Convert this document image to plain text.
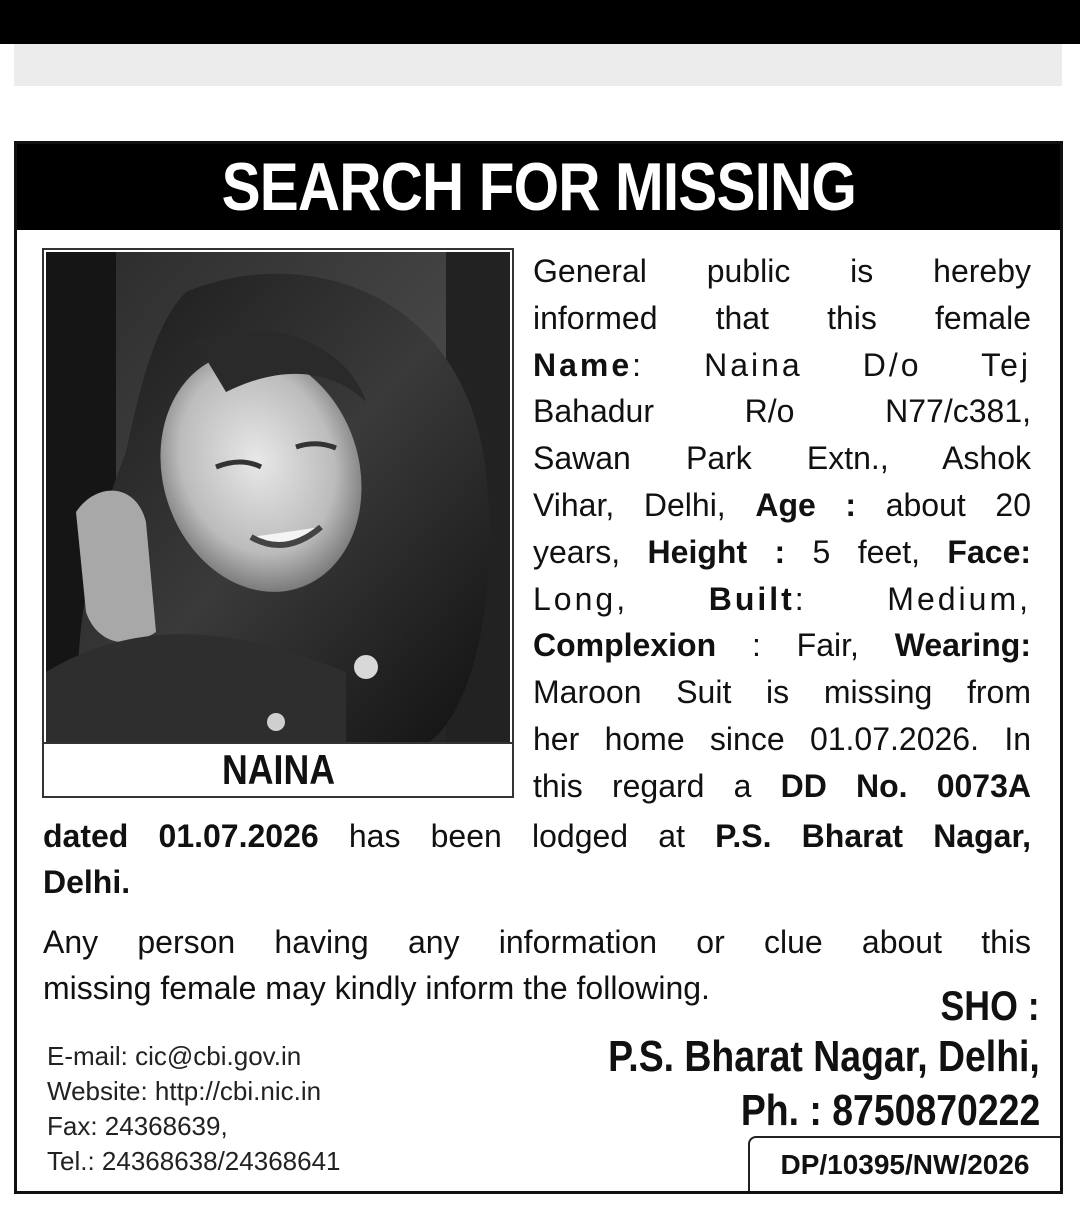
SEARCH FOR MISSING
NAINA
General public is hereby
informed that this female
Name: Naina D/o Tej
Bahadur R/o N77/c381,
Sawan Park Extn., Ashok
Vihar, Delhi, Age : about 20
years, Height : 5 feet, Face:
Long, Built: Medium,
Complexion : Fair, Wearing:
Maroon Suit is missing from
her home since 01.07.2026. In
this regard a DD No. 0073A
dated 01.07.2026 has been lodged at P.S. Bharat Nagar,
Delhi.
Any person having any information or clue about this
missing female may kindly inform the following.	SHO :
P.S. Bharat Nagar, Delhi,
Ph. : 8750870222
E-mail: cic@cbi.gov.in
Website: http://cbi.nic.in
Fax: 24368639,
Tel.: 24368638/24368641	DP/10395/NW/2026
